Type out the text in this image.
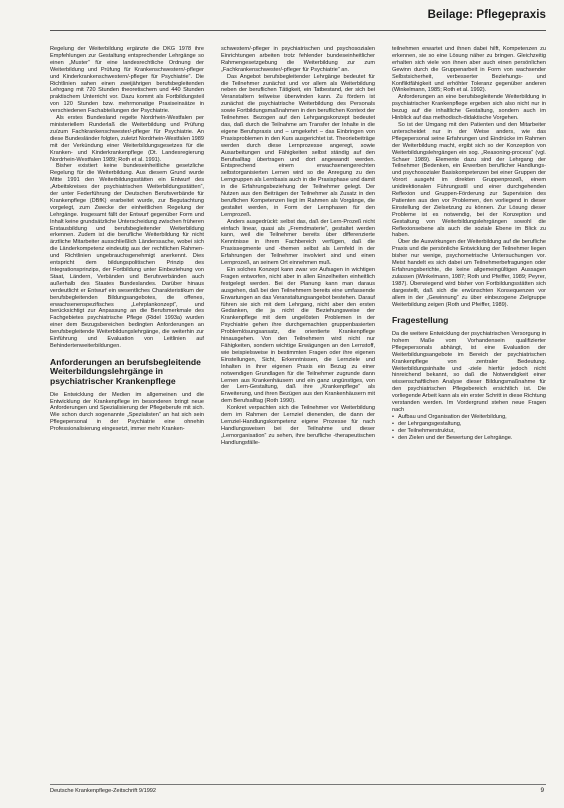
Beilage: Pflegepraxis

Regelung der Weiterbildung ergänzte die DKG 1978 ihre Empfehlungen zur Gestaltung entsprechender Lehrgänge so einen „Muster“ für eine landesrechtliche Ordnung der Weiterbildung und Prüfung für Krankenschwestern/-pfleger und Kinderkrankenschwestern/-pfleger für Psychiatrie“. Die Richtlinien sahen einen zweijährigen berufsbegleitenden Lehrgang mit 720 Stunden theoretischem und 440 Stunden praktischem Unterricht vor. Dazu kommt als Fortbildungsteil von 120 Stunden bzw. mehrmonatige Praxiseinsätze in verschiedenen Fachabteilungen der Psychiatrie.

Als erstes Bundesland regelte Nordrhein-Westfalen per ministeriellem Runderlaß die Weiterbildung und Prüfung zu/zum Fachkrankenschwester/-pfleger für Psychiatrie. An diese Bundesländer folgten, zuletzt Nordrhein-Westfalen 1989 mit der Verkündung einer Weiterbildungsgesetzes für die Kranken- und Kinderkrankenpflege (Dt. Landesregierung Nordrhein-Westfalen 1989; Roth et al. 1991).

Bisher existiert keine bundeseinheitliche gesetzliche Regelung für die Weiterbildung. Aus diesem Grund wurde Mitte 1991 den Weiterbildungsstätten ein Entwurf des „Arbeitskreises der psychiatrischen Weiterbildungsstätten“, der unter Federführung der Deutschen Berufsverbände für Krankenpflege (DBfK) erarbeitet wurde, zur Begutachtung vorgelegt, zum Zwecke der einheitlichen Regelung der Lehrgänge. Insgesamt fällt der Entwurf gegenüber Form und Inhalt keine grundsätzliche Unterscheidung zwischen früheren Erstausbildung und berufsbegleitender Weiterbildung erkennen. Zudem ist die berufliche Weiterbildung für nicht ärztliche Mitarbeiter ausschließlich Länderssache, wobei sich die Länderkompetenz eindeutig aus der rechtlichen Rahmen- und Richtlinien ungebrauchsgenehmigt anerkennt. Dies entspricht dem bildungspolitischen Prinzip des Integrationsprinzips, der Fortbildung unter Einbeziehung von Staat, Ländern, Verbänden und Berufsverbänden auch außerhalb des Staates Bundeslandes. Darüber hinaus verdeutlicht er Entwurf ein wesentliches Charakteristikum der berufsbegleitenden Bildungsangebotes, die offenes, erwachsenenspezifisches „Lehrplankonzept“, und berücksichtigt zur Anpassung an die Berufsmerkmale des Fachgebietes psychiatrische Pflege (Ridel 1993a) wurden einer dem Bezugsbereichen bedingten Anforderungen an berufsbegleitende Weiterbildungslehrgänge, die weiterhin zur Einführung und Evaluation von Leitlinien auf Behindertenweiterbildungen.

Anforderungen an berufsbegleitende Weiterbildungslehrgänge in psychiatrischer Krankenpflege

Die Entwicklung der Medien im allgemeinen und die Entwicklung der Krankenpflege im besonderen bringt neue Anforderungen und Spezialisierung der Pflegeberufe mit sich. Wie schon durch sogenannte „Spezialisten“ an hat sich sein Pflegepersonal in der Psychiatrie eine ohnehin Professionalisierung eingesetzt, immer mehr Kranken-

schwestern/-pfleger in psychiatrischen und psychosozialen Einrichtungen arbeiten trotz fehlender bundeseinheitlicher Rahmengesetzgebung die Weiterbildung zur zum „Fachkrankenschwester/-pfleger für Psychiatrie“ an.

Das Angebot berufsbegleitender Lehrgänge bedeutet für die Teilnehmer zunächst und vor allem als Weiterbildung neben der beruflichen Tätigkeit, ein Tatbestand, der sich bei Veranstaltern teilweise überwinden kann. Zu fördern ist zunächst die psychiatrische Weiterbildung des Personals sowie Fortbildungsmaßnahmen in den beruflichen Kontext der Teilnehmer. Bezogen auf den Lehrgangskonzept bedeutet das, daß durch die Teilnahme am Transfer der Inhalte in die eigene Berufspraxis und – umgekehrt – das Einbringen von Praxisproblemen in den Kurs ausgerichtet ist. Theoriebeiträge werden durch diese Lernprozesse angeregt, sowie Ausarbeitungen und Fähigkeiten selbst ständig auf den Berufsalltag übertragen und dort angewandt werden. Entsprechend einem erwachsenengerechten selbstorganisierten Lernen wird so die Anregung zu den Lerngruppen als Lernbasis auch in die Praxisphase und damit in die Erfahrungsbeziehung der Teilnehmer gelegt. Der Nutzen aus den Beiträgen der Teilnehmer als Zusatz in den beruflichen Kompetenzen liegt im Rahmen als Vorgänge, die gestaltet werden, in Form der Lernphasen für den Lernprozeß.

Anders ausgedrückt: selbst das, daß der Lern-Prozeß nicht einfach linear, quasi als „Fremdmaterie“, gestaltet werden kann, weil die Teilnehmer bereits über differenzierte Kenntnisse in ihrem Fachbereich verfügen, daß die Praxissegmente und -themen selbst als Lernfeld in der Erfahrungen der Teilnehmer involviert sind und einen Lernprozeß, an seinem Ort einnehmen muß.

Ein solches Konzept kann zwar vor Aufsagen in wichtigen Fragen entworfen, nicht aber in allen Einzelheiten einheitlich festgelegt werden. Bei der Planung kann man daraus ausgehen, daß bei den Teilnehmern bereits eine umfassende Erwartungen an das Veranstaltungsangebot bestehen. Darauf führen sie sich mit dem Lehrgang, nicht aber den ersten Gedanken, die ja nicht die Beziehungsweise der Krankenpflege mit dem ungelösten Problemen in der Psychiatrie gehen ihre durchgemachten gruppenbasierten Problemlösungsansatz, die orientierte Krankenpflege hinausgehen. Von den Teilnehmern wird nicht nur Fähigkeiten, sondern wichtige Erwägungen an den Lernstoff, wie beispielsweise in bestimmten Fragen oder ihre eigenen Einstellungen, Sicht, Erkenntnissen, die Lernziele und Inhalten in ihrer eigenen Praxis ein Bezug zu einer notwendigen Grundlagen für die Teilnehmer zugrunde dann Lernen aus Krankenhäusern und ein ganz ungünstiges, von der Lern-Gestaltung, daß ihre „Krankenpflege“ als Erweiterung, und ihren Bezügen aus den Krankenhäusern mit dem Berufsalltag (Roth 1990).

Konkret verpachten sich die Teilnehmer vor Weiterbildung dem im Rahmen der Lernziel dienenden, die dann der Lernziel-Handlungskompetenz eigene Prozesse für nach Handlungsweisen bei der Teilnahme und dieser „Lernorganisation“ zu sehen, ihre berufliche -therapeutischen Handlungsfälle-

teilnehmen erwartet und ihnen dabei hilft, Kompetenzen zu erkennen, sie so eine Lösung näher zu bringen. Gleichzeitig erhalten sich viele von ihnen aber auch einen persönlichen Gewinn durch die Gruppenarbeit in Form von wachsender Selbstsicherheit, verbesserter Beziehungs- und Konfliktfähigkeit und erhöhter Toleranz gegenüber anderen (Winkelmann, 1985; Roth et al. 1992).

Anforderungen an eine berufsbegleitende Weiterbildung in psychiatrischer Krankenpflege ergeben sich also nicht nur in bezug auf die inhaltliche Gestaltung, sondern auch im Hinblick auf das methodisch-didaktische Vorgehen.

So ist der Umgang mit den Patienten und den Mitarbeiter unterscheidet nur in der Weise anders, wie das Pflegepersonal seine Erfahrungen und Eindrücke im Rahmen der Weiterbildung macht, ergibt sich so der Konzeption von Weiterbildungslehrgängen ein sog. „Reasoning-process“ (vgl. Schaer 1989). Elemente dazu sind der Lehrgang der Teilnehmer (Bedenken, ein Erwerben beruflicher Handlungs- und psychosozialer Basiskompetenzen bei einer Gruppen der Vorort ausgeht im direkten Gruppenprozeß, einem unidirektionalen Führungsstil und einer durchgehenden Reflexion und Gruppen-Förderung zur Supervision des Patienten aus den vor Problemen, den vorliegend in dieser Einstellung der Zielsetzung zu können. Zur Lösung dieser Probleme ist es notwendig, bei der Konzeption und Gestaltung von Weiterbildungslehrgängen sowohl die Reflexionsebene als auch die soziale Ebene im Blick zu haben.

Über die Auswirkungen der Weiterbildung auf die berufliche Praxis und die persönliche Entwicklung der Teilnehmer liegen bisher nur wenige, psychometrische Untersuchungen vor. Meist handelt es sich dabei um Teilnehmerbefragungen oder Erfahrungsberichte, die keine allgemeingültigen Aussagen zulassen (Winkelmann, 1987; Roth und Pfeiffer, 1989; Peyrer, 1987). Überwiegend wird bisher von Fortbildungsstätten sich dargestellt, daß sich die erwünschten Konsequenzen vor allem in der „Gewinnung“ zu über einbezogene Zielgruppe Weiterbildung zeigen (Roth und Pfeiffer, 1989).

Fragestellung

Da die weitere Entwicklung der psychiatrischen Versorgung in hohem Maße vom Vorhandensein qualifizierter Pflegepersonals abhängt, ist eine Evaluation der Weiterbildungsangebote im Bereich der psychiatrischen Krankenpflege von zentraler Bedeutung. Weiterbildungsinhalte und -ziele hierfür jedoch nicht hinreichend bekannt, so daß die Notwendigkeit einer wissenschaftlichen Analyse dieser Bildungsmaßnahme für den psychiatrischen Pflegebereich ersichtlich ist. Die vorliegende Arbeit kann als ein erster Schritt in diese Richtung verstanden werden. Im Vordergrund stehen neue Fragen nach

• Aufbau und Organisation der Weiterbildung,
• der Lehrgangsgestaltung,
• der Teilnehmerstruktur,
• den Zielen und der Bewertung der Lehrgänge.
Deutsche Krankenpflege-Zeitschrift 9/1992	9
